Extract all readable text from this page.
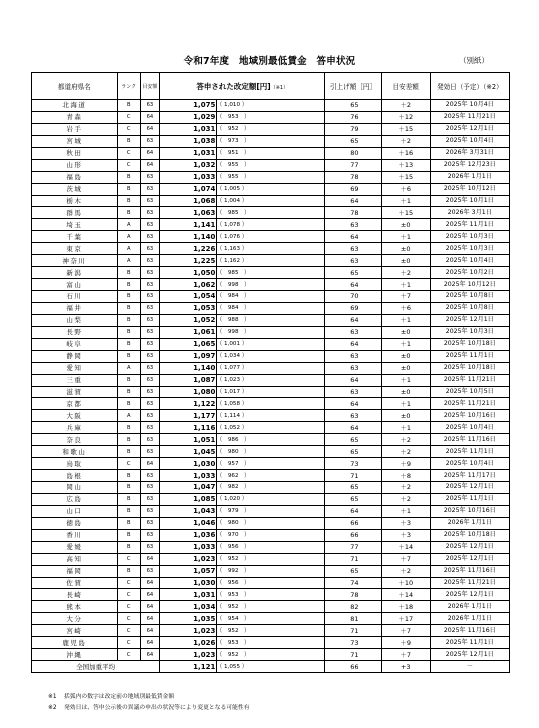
令和7年度　地域別最低賃金　答申状況	（別紙）
都道府県名	ランク	目安額	答申された改定額[円]（※1）		引上げ額［円］	目安差額	発効日（予定）（※2）
北海道	B	63	1,075	（ 1,010 ）	65	＋2	2025年 10月4日
青森	C	64	1,029	（　953　）	76	＋12	2025年 11月21日
岩手	C	64	1,031	（　952　）	79	＋15	2025年 12月1日
宮城	B	63	1,038	（　973　）	65	＋2	2025年 10月4日
秋田	C	64	1,031	（　951　）	80	＋16	2026年 3月31日
山形	C	64	1,032	（　955　）	77	＋13	2025年 12月23日
福島	B	63	1,033	（　955　）	78	＋15	2026年 1月1日
茨城	B	63	1,074	（ 1,005 ）	69	＋6	2025年 10月12日
栃木	B	63	1,068	（ 1,004 ）	64	＋1	2025年 10月1日
群馬	B	63	1,063	（　985　）	78	＋15	2026年 3月1日
埼玉	A	63	1,141	（ 1,078 ）	63	±0	2025年 11月1日
千葉	A	63	1,140	（ 1,076 ）	64	＋1	2025年 10月3日
東京	A	63	1,226	（ 1,163 ）	63	±0	2025年 10月3日
神奈川	A	63	1,225	（ 1,162 ）	63	±0	2025年 10月4日
新潟	B	63	1,050	（　985　）	65	＋2	2025年 10月2日
富山	B	63	1,062	（　998　）	64	＋1	2025年 10月12日
石川	B	63	1,054	（　984　）	70	＋7	2025年 10月8日
福井	B	63	1,053	（　984　）	69	＋6	2025年 10月8日
山梨	B	63	1,052	（　988　）	64	＋1	2025年 12月1日
長野	B	63	1,061	（　998　）	63	±0	2025年 10月3日
岐阜	B	63	1,065	（ 1,001 ）	64	＋1	2025年 10月18日
静岡	B	63	1,097	（ 1,034 ）	63	±0	2025年 11月1日
愛知	A	63	1,140	（ 1,077 ）	63	±0	2025年 10月18日
三重	B	63	1,087	（ 1,023 ）	64	＋1	2025年 11月21日
滋賀	B	63	1,080	（ 1,017 ）	63	±0	2025年 10月5日
京都	B	63	1,122	（ 1,058 ）	64	＋1	2025年 11月21日
大阪	A	63	1,177	（ 1,114 ）	63	±0	2025年 10月16日
兵庫	B	63	1,116	（ 1,052 ）	64	＋1	2025年 10月4日
奈良	B	63	1,051	（　986　）	65	＋2	2025年 11月16日
和歌山	B	63	1,045	（　980　）	65	＋2	2025年 11月1日
鳥取	C	64	1,030	（　957　）	73	＋9	2025年 10月4日
島根	B	63	1,033	（　962　）	71	＋8	2025年 11月17日
岡山	B	63	1,047	（　982　）	65	＋2	2025年 12月1日
広島	B	63	1,085	（ 1,020 ）	65	＋2	2025年 11月1日
山口	B	63	1,043	（　979　）	64	＋1	2025年 10月16日
徳島	B	63	1,046	（　980　）	66	＋3	2026年 1月1日
香川	B	63	1,036	（　970　）	66	＋3	2025年 10月18日
愛媛	B	63	1,033	（　956　）	77	＋14	2025年 12月1日
高知	C	64	1,023	（　952　）	71	＋7	2025年 12月1日
福岡	B	63	1,057	（　992　）	65	＋2	2025年 11月16日
佐賀	C	64	1,030	（　956　）	74	＋10	2025年 11月21日
長崎	C	64	1,031	（　953　）	78	＋14	2025年 12月1日
熊本	C	64	1,034	（　952　）	82	＋18	2026年 1月1日
大分	C	64	1,035	（　954　）	81	＋17	2026年 1月1日
宮崎	C	64	1,023	（　952　）	71	＋7	2025年 11月16日
鹿児島	C	64	1,026	（　953　）	73	＋9	2025年 11月1日
沖縄	C	64	1,023	（　952　）	71	＋7	2025年 12月1日
全国加重平均			1,121	（ 1,055 ）	66	+3	－
※1 括弧内の数字は改定前の地域別最低賃金額
※2 発効日は、答申公示後の異議の申出の状況等により変更となる可能性有
